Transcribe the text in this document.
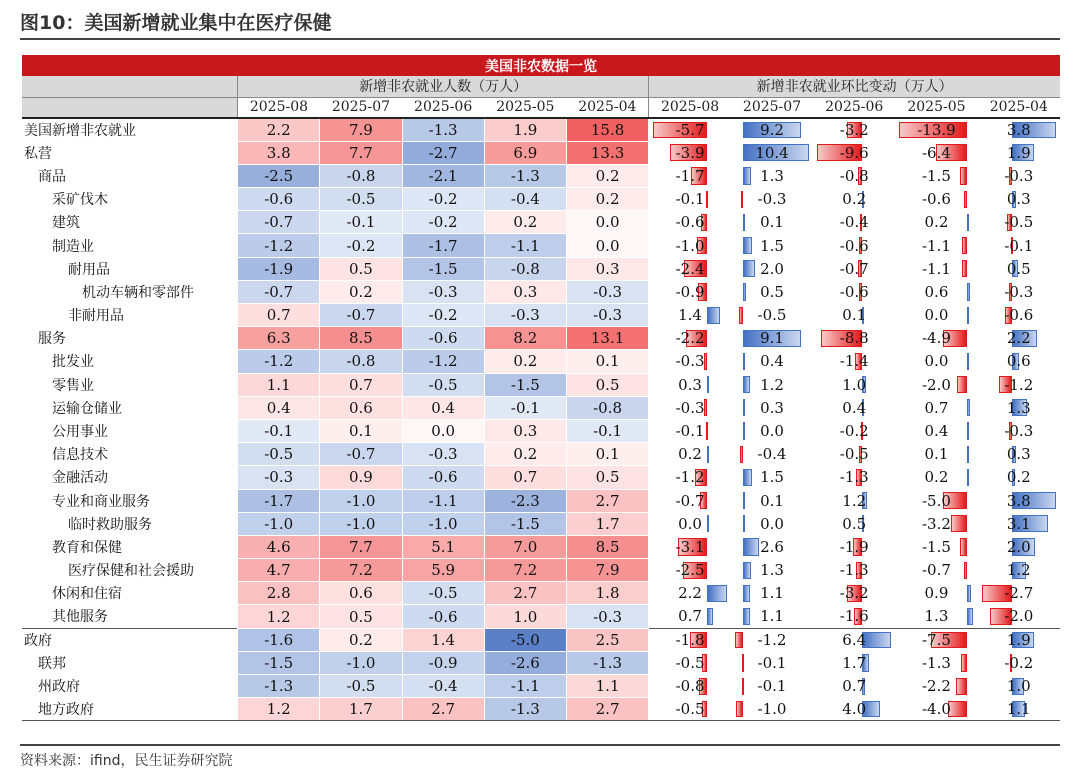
图10：美国新增就业集中在医疗保健
美国非农数据一览										
	新增非农就业人数（万人）					新增非农就业环比变动（万人）				
	2025-08	2025-07	2025-06	2025-05	2025-04	2025-08	2025-07	2025-06	2025-05	2025-04
美国新增非农就业	2.2	7.9	-1.3	1.9	15.8	-5.7	9.2	-3.2	-13.9	3.8

私营	3.8	7.7	-2.7	6.9	13.3	-3.9	10.4	-9.6	-6.4	1.9

商品	-2.5	-0.8	-2.1	-1.3	0.2	-1.7	1.3	-0.8	-1.5	-0.3

采矿伐木	-0.6	-0.5	-0.2	-0.4	0.2	-0.1	-0.3	0.2	-0.6	0.3

建筑	-0.7	-0.1	-0.2	0.2	0.0	-0.6	0.1	-0.4	0.2	-0.5

制造业	-1.2	-0.2	-1.7	-1.1	0.0	-1.0	1.5	-0.6	-1.1	-0.1

耐用品	-1.9	0.5	-1.5	-0.8	0.3	-2.4	2.0	-0.7	-1.1	0.5

机动车辆和零部件	-0.7	0.2	-0.3	0.3	-0.3	-0.9	0.5	-0.6	0.6	-0.3

非耐用品	0.7	-0.7	-0.2	-0.3	-0.3	1.4	-0.5	0.1	0.0	-0.6

服务	6.3	8.5	-0.6	8.2	13.1	-2.2	9.1	-8.8	-4.9	2.2

批发业	-1.2	-0.8	-1.2	0.2	0.1	-0.3	0.4	-1.4	0.0	0.6

零售业	1.1	0.7	-0.5	-1.5	0.5	0.3	1.2	1.0	-2.0	-1.2

运输仓储业	0.4	0.6	0.4	-0.1	-0.8	-0.3	0.3	0.4	0.7	1.3

公用事业	-0.1	0.1	0.0	0.3	-0.1	-0.1	0.0	-0.2	0.4	-0.3

信息技术	-0.5	-0.7	-0.3	0.2	0.1	0.2	-0.4	-0.5	0.1	0.3

金融活动	-0.3	0.9	-0.6	0.7	0.5	-1.2	1.5	-1.3	0.2	0.2

专业和商业服务	-1.7	-1.0	-1.1	-2.3	2.7	-0.7	0.1	1.2	-5.0	3.8

临时救助服务	-1.0	-1.0	-1.0	-1.5	1.7	0.0	0.0	0.5	-3.2	3.1

教育和保健	4.6	7.7	5.1	7.0	8.5	-3.1	2.6	-1.9	-1.5	2.0

医疗保健和社会援助	4.7	7.2	5.9	7.2	7.9	-2.5	1.3	-1.3	-0.7	1.2

休闲和住宿	2.8	0.6	-0.5	2.7	1.8	2.2	1.1	-3.2	0.9	-2.7

其他服务	1.2	0.5	-0.6	1.0	-0.3	0.7	1.1	-1.6	1.3	-2.0

政府	-1.6	0.2	1.4	-5.0	2.5	-1.8	-1.2	6.4	-7.5	1.9

联邦	-1.5	-1.0	-0.9	-2.6	-1.3	-0.5	-0.1	1.7	-1.3	-0.2

州政府	-1.3	-0.5	-0.4	-1.1	1.1	-0.8	-0.1	0.7	-2.2	1.0

地方政府	1.2	1.7	2.7	-1.3	2.7	-0.5	-1.0	4.0	-4.0	1.1
资料来源：ifind，民生证券研究院
